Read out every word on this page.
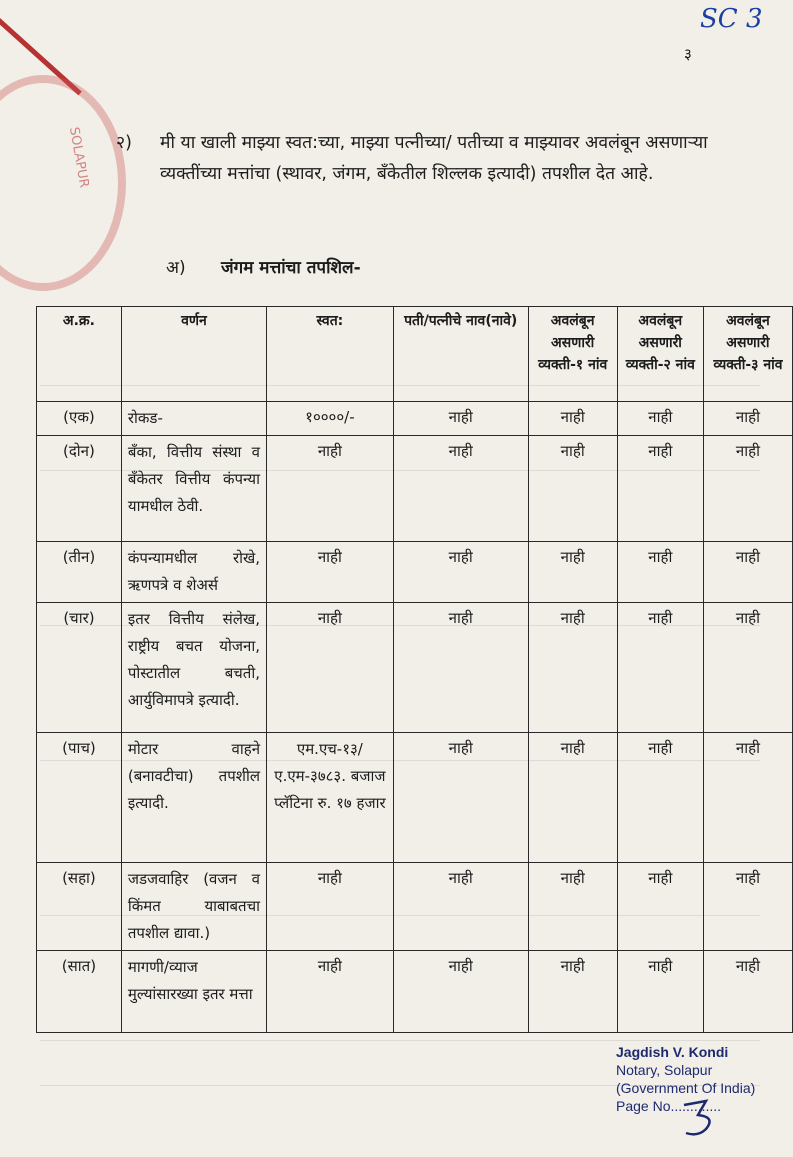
SOLAPUR
SC 3
३
२) मी या खाली माझ्या स्वत:च्या, माझ्या पत्नीच्या/ पतीच्या व माझ्यावर अवलंबून असणाऱ्या व्यक्तींच्या मत्तांचा (स्थावर, जंगम, बँकेतील शिल्लक इत्यादी) तपशील देत आहे.
अ) जंगम मत्तांचा तपशिल-
अ.क्र.	वर्णन	स्वत:	पती/पत्नीचे नाव(नावे)	अवलंबून असणारी व्यक्ती-१ नांव	अवलंबून असणारी व्यक्ती-२ नांव	अवलंबून असणारी व्यक्ती-३ नांव
(एक)	रोकड-	१००००/-	नाही	नाही	नाही	नाही
(दोन)	बँका, वित्तीय संस्था व बँकेतर वित्तीय कंपन्या यामधील ठेवी.	नाही	नाही	नाही	नाही	नाही
(तीन)	कंपन्यामधील रोखे, ऋणपत्रे व शेअर्स	नाही	नाही	नाही	नाही	नाही
(चार)	इतर वित्तीय संलेख, राष्ट्रीय बचत योजना, पोस्टातील बचती, आर्युविमापत्रे इत्यादी.	नाही	नाही	नाही	नाही	नाही
(पाच)	मोटार वाहने (बनावटीचा) तपशील इत्यादी.	एम.एच-१३/ ए.एम-३७८३. बजाज प्लॅटिना रु. १७ हजार	नाही	नाही	नाही	नाही
(सहा)	जडजवाहिर (वजन व किंमत याबाबतचा तपशील द्यावा.)	नाही	नाही	नाही	नाही	नाही
(सात)	मागणी/व्याज मुल्यांसारख्या इतर मत्ता	नाही	नाही	नाही	नाही	नाही
Jagdish V. Kondi
Notary, Solapur
(Government Of India)
Page No.............
